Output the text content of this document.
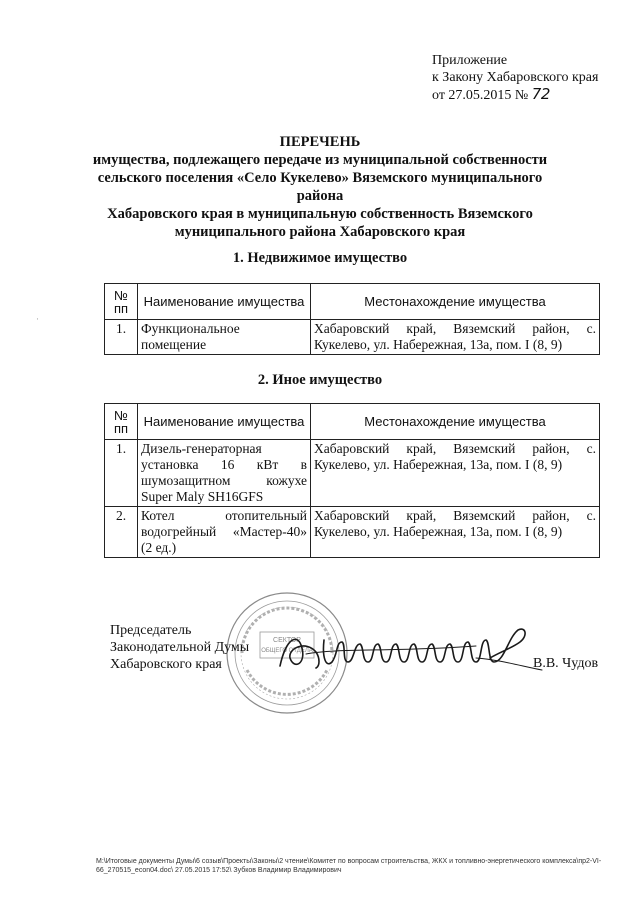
Приложение
к Закону Хабаровского края
от 27.05.2015 № 72
ПЕРЕЧЕНЬ
имущества, подлежащего передаче из муниципальной собственности
сельского поселения «Село Кукелево» Вяземского муниципального района
Хабаровского края в муниципальную собственность Вяземского
муниципального района Хабаровского края
·
1. Недвижимое имущество
№ пп	Наименование имущества	Местонахождение имущества
1.	Функциональное помещение	Хабаровский край, Вяземский район, с. Кукелево, ул. Набережная, 13а, пом. I (8, 9)
2. Иное имущество
№ пп	Наименование имущества	Местонахождение имущества
1.	Дизель-генераторная установка 16 кВт в шумозащитном кожухе Super Maly SH16GFS	Хабаровский край, Вяземский район, с. Кукелево, ул. Набережная, 13а, пом. I (8, 9)
2.	Котел отопительный водогрейный «Мастер-40» (2 ед.)	Хабаровский край, Вяземский район, с. Кукелево, ул. Набережная, 13а, пом. I (8, 9)
СЕКТОР
ОБЩЕГО ОТДЕЛА
Председатель
Законодательной Думы
Хабаровского края	В.В. Чудов
M:\Итоговые документы Думы\6 созыв\Проекты\Законы\2 чтение\Комитет по вопросам строительства, ЖКХ и топливно-энергетического комплекса\пр2-VI-66_270515_econ04.doc\ 27.05.2015 17:52\ Зубков Владимир Владимирович
